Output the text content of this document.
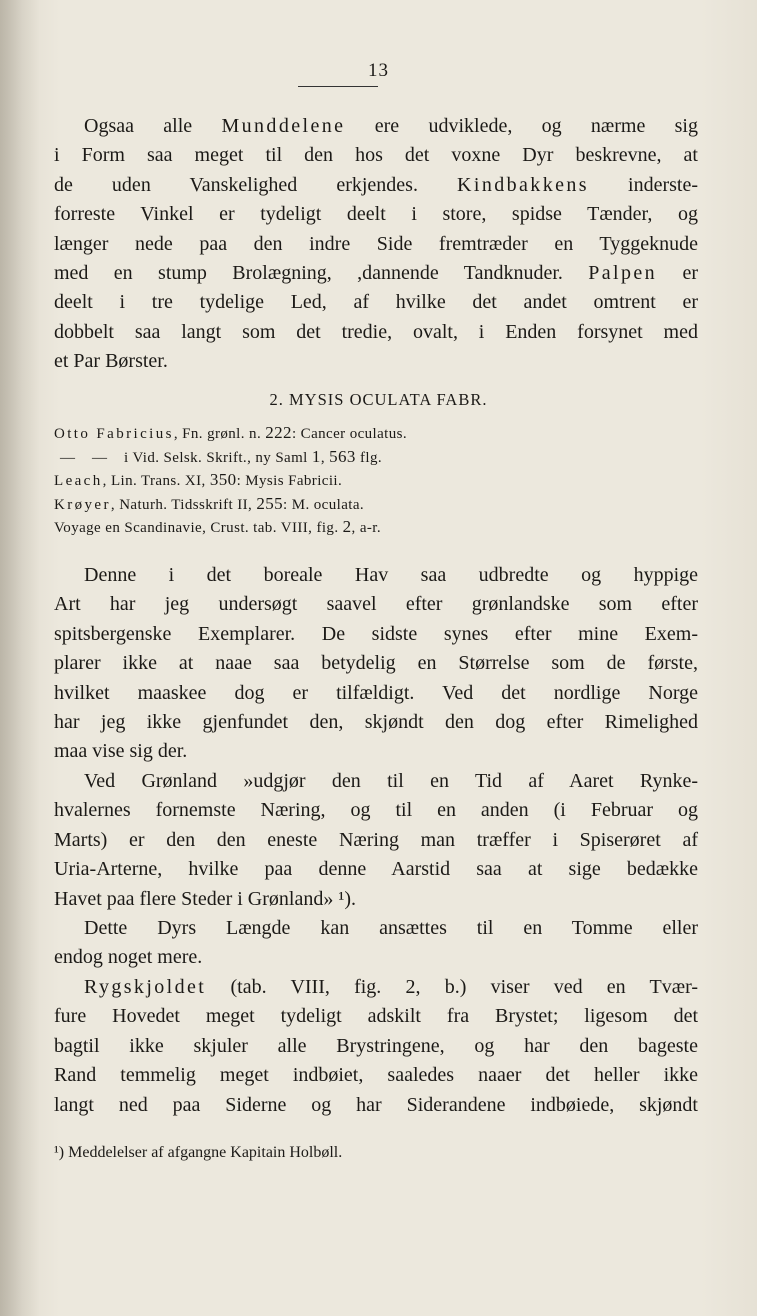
13

Ogsaa alle Munddelene ere udviklede, og nærme sig
i Form saa meget til den hos det voxne Dyr beskrevne, at
de uden Vanskelighed erkjendes. Kindbakkens inderste-
forreste Vinkel er tydeligt deelt i store, spidse Tænder, og
længer nede paa den indre Side fremtræder en Tyggeknude
med en stump Brolægning, ,dannende Tandknuder. Palpen er
deelt i tre tydelige Led, af hvilke det andet omtrent er
dobbelt saa langt som det tredie, ovalt, i Enden forsynet med
et Par Børster.

2. MYSIS OCULATA FABR.
Otto Fabricius, Fn. grønl. n. 222: Cancer oculatus.
—    —    i Vid. Selsk. Skrift., ny Saml 1, 563 flg.
Leach, Lin. Trans. XI, 350: Mysis Fabricii.
Krøyer, Naturh. Tidsskrift II, 255: M. oculata.
Voyage en Scandinavie, Crust. tab. VIII, fig. 2, a-r.

Denne i det boreale Hav saa udbredte og hyppige
Art har jeg undersøgt saavel efter grønlandske som efter
spitsbergenske Exemplarer. De sidste synes efter mine Exem-
plarer ikke at naae saa betydelig en Størrelse som de første,
hvilket maaskee dog er tilfældigt. Ved det nordlige Norge
har jeg ikke gjenfundet den, skjøndt den dog efter Rimelighed
maa vise sig der.

Ved Grønland »udgjør den til en Tid af Aaret Rynke-
hvalernes fornemste Næring, og til en anden (i Februar og
Marts) er den den eneste Næring man træffer i Spiserøret af
Uria-Arterne, hvilke paa denne Aarstid saa at sige bedække
Havet paa flere Steder i Grønland» ¹).

Dette Dyrs Længde kan ansættes til en Tomme eller
endog noget mere.

Rygskjoldet (tab. VIII, fig. 2, b.) viser ved en Tvær-
fure Hovedet meget tydeligt adskilt fra Brystet; ligesom det
bagtil ikke skjuler alle Brystringene, og har den bageste
Rand temmelig meget indbøiet, saaledes naaer det heller ikke
langt ned paa Siderne og har Siderandene indbøiede, skjøndt

¹) Meddelelser af afgangne Kapitain Holbøll.
